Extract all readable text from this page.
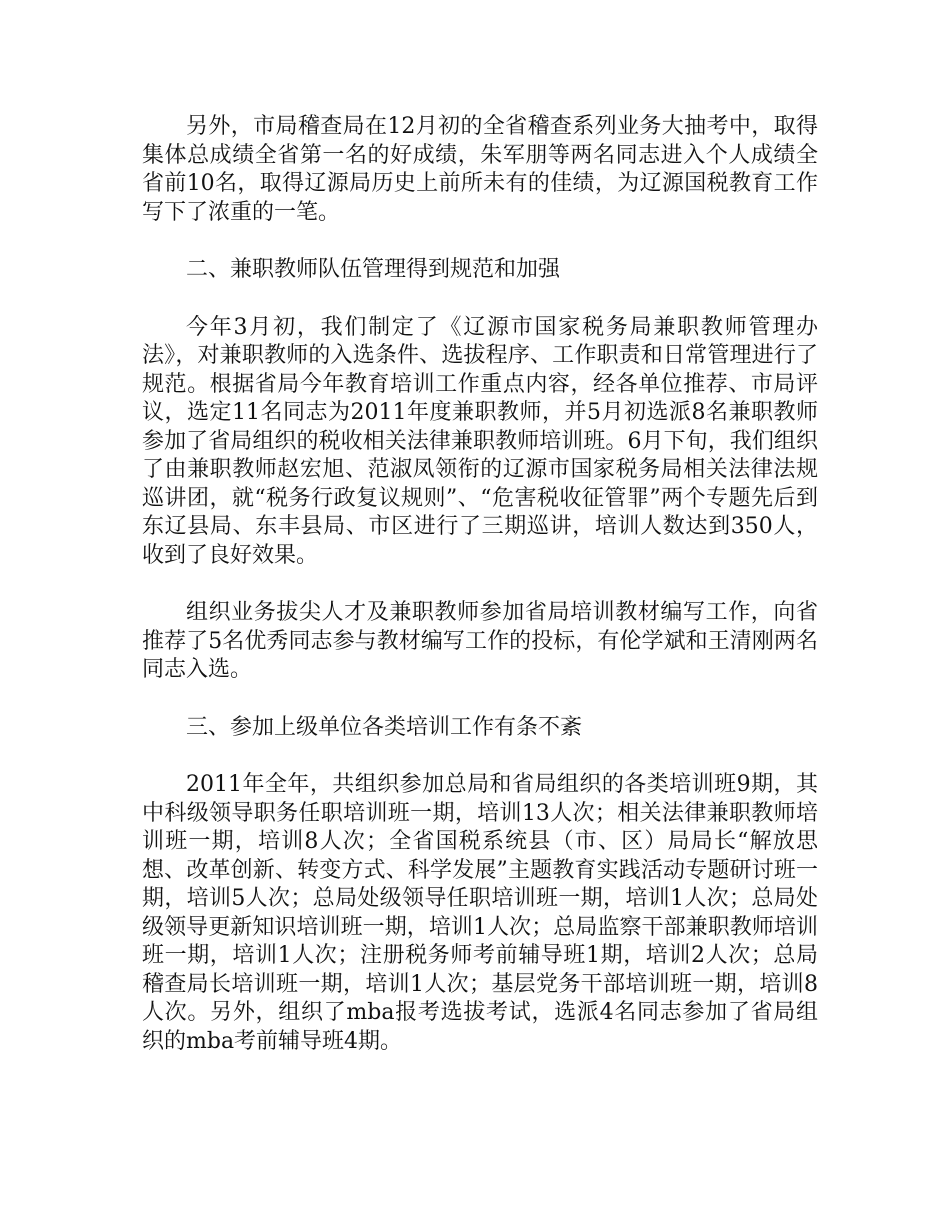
另外，市局稽查局在12月初的全省稽查系列业务大抽考中，取得集体总成绩全省第一名的好成绩，朱军朋等两名同志进入个人成绩全省前10名，取得辽源局历史上前所未有的佳绩，为辽源国税教育工作写下了浓重的一笔。

二、兼职教师队伍管理得到规范和加强

今年3月初，我们制定了《辽源市国家税务局兼职教师管理办法》，对兼职教师的入选条件、选拔程序、工作职责和日常管理进行了规范。根据省局今年教育培训工作重点内容，经各单位推荐、市局评议，选定11名同志为2011年度兼职教师，并5月初选派8名兼职教师参加了省局组织的税收相关法律兼职教师培训班。6月下旬，我们组织了由兼职教师赵宏旭、范淑凤领衔的辽源市国家税务局相关法律法规巡讲团，就“税务行政复议规则”、“危害税收征管罪”两个专题先后到东辽县局、东丰县局、市区进行了三期巡讲，培训人数达到350人，收到了良好效果。

组织业务拔尖人才及兼职教师参加省局培训教材编写工作，向省推荐了5名优秀同志参与教材编写工作的投标，有伦学斌和王清刚两名同志入选。

三、参加上级单位各类培训工作有条不紊

2011年全年，共组织参加总局和省局组织的各类培训班9期，其中科级领导职务任职培训班一期，培训13人次；相关法律兼职教师培训班一期，培训8人次；全省国税系统县（市、区）局局长“解放思想、改革创新、转变方式、科学发展”主题教育实践活动专题研讨班一期，培训5人次；总局处级领导任职培训班一期，培训1人次；总局处级领导更新知识培训班一期，培训1人次；总局监察干部兼职教师培训班一期，培训1人次；注册税务师考前辅导班1期，培训2人次；总局稽查局长培训班一期，培训1人次；基层党务干部培训班一期，培训8人次。另外，组织了mba报考选拔考试，选派4名同志参加了省局组织的mba考前辅导班4期。
